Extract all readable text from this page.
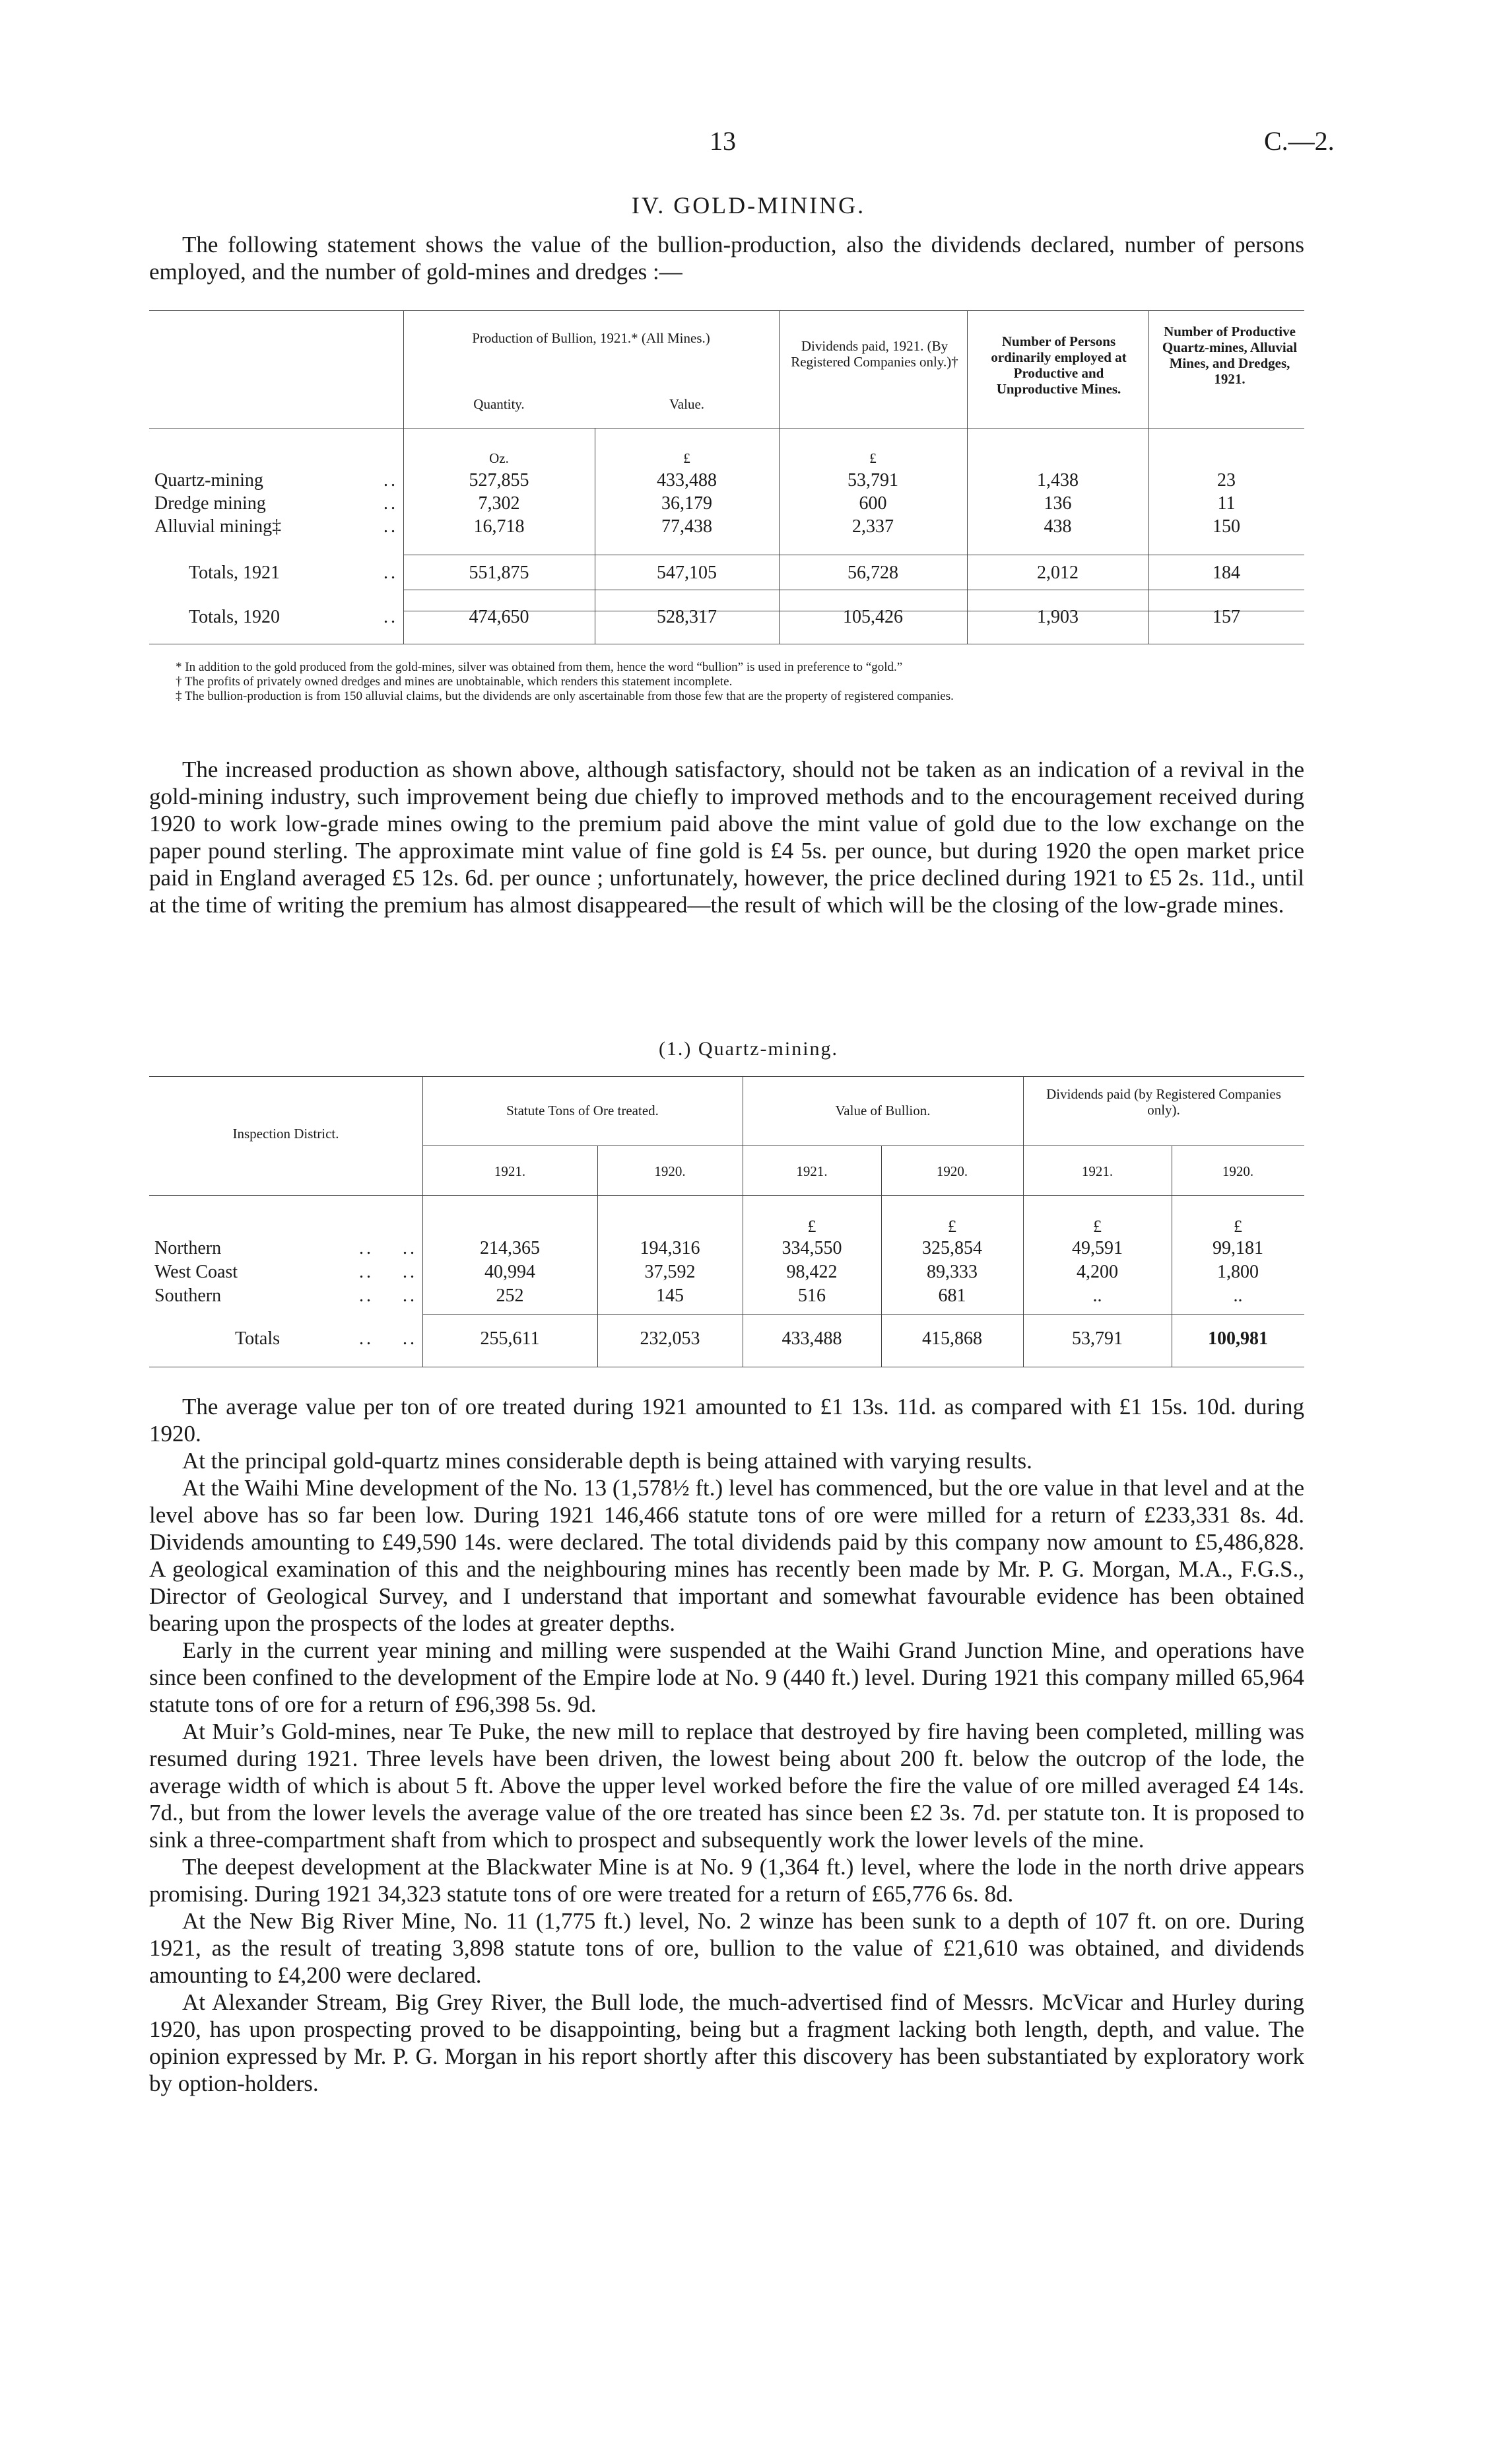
13	C.—2.
IV. GOLD-MINING.
The following statement shows the value of the bullion-production, also the dividends declared, number of persons employed, and the number of gold-mines and dredges :—
Production of Bullion, 1921.* (All Mines.)
Quantity.	Value.
Dividends paid, 1921. (By Registered Companies only.)†
Number of Persons ordinarily employed at Productive and Unproductive Mines.
Number of Productive Quartz-mines, Alluvial Mines, and Dredges, 1921.
Oz.	£	£
Quartz-mining ..	527,855	433,488	53,791	1,438	23
Dredge mining ..	7,302	36,179	600	136	11
Alluvial mining‡ ..	16,718	77,438	2,337	438	150
Totals, 1921	..	551,875	547,105	56,728	2,012	184
Totals, 1920	..	474,650	528,317	105,426	1,903	157
* In addition to the gold produced from the gold-mines, silver was obtained from them, hence the word “bullion” is used in preference to “gold.”
† The profits of privately owned dredges and mines are unobtainable, which renders this statement incomplete.
‡ The bullion-production is from 150 alluvial claims, but the dividends are only ascertainable from those few that are the property of registered companies.
The increased production as shown above, although satisfactory, should not be taken as an indication of a revival in the gold-mining industry, such improvement being due chiefly to improved methods and to the encouragement received during 1920 to work low-grade mines owing to the premium paid above the mint value of gold due to the low exchange on the paper pound sterling. The approximate mint value of fine gold is £4 5s. per ounce, but during 1920 the open market price paid in England averaged £5 12s. 6d. per ounce ; unfortunately, however, the price declined during 1921 to £5 2s. 11d., until at the time of writing the premium has almost disappeared—the result of which will be the closing of the low-grade mines.
(1.) Quartz-mining.
Inspection District.
Statute Tons of Ore treated.	Value of Bullion.
Dividends paid (by Registered Companies only).
1921.	1920.	1921.	1920.	1921.	1920.
£	£	£	£
Northern ..    ..	214,365	194,316	334,550	325,854	49,591	99,181
West Coast ..    ..	40,994	37,592	98,422	89,333	4,200	1,800
Southern ..    ..	252	145	516	681	..	..
Totals	..    ..	255,611	232,053	433,488	415,868	53,791	100,981
The average value per ton of ore treated during 1921 amounted to £1 13s. 11d. as compared with £1 15s. 10d. during 1920.
At the principal gold-quartz mines considerable depth is being attained with varying results.
At the Waihi Mine development of the No. 13 (1,578½ ft.) level has commenced, but the ore value in that level and at the level above has so far been low. During 1921 146,466 statute tons of ore were milled for a return of £233,331 8s. 4d. Dividends amounting to £49,590 14s. were declared. The total dividends paid by this company now amount to £5,486,828. A geological examination of this and the neighbouring mines has recently been made by Mr. P. G. Morgan, M.A., F.G.S., Director of Geological Survey, and I understand that important and somewhat favourable evidence has been obtained bearing upon the prospects of the lodes at greater depths.
Early in the current year mining and milling were suspended at the Waihi Grand Junction Mine, and operations have since been confined to the development of the Empire lode at No. 9 (440 ft.) level. During 1921 this company milled 65,964 statute tons of ore for a return of £96,398 5s. 9d.
At Muir’s Gold-mines, near Te Puke, the new mill to replace that destroyed by fire having been completed, milling was resumed during 1921. Three levels have been driven, the lowest being about 200 ft. below the outcrop of the lode, the average width of which is about 5 ft. Above the upper level worked before the fire the value of ore milled averaged £4 14s. 7d., but from the lower levels the average value of the ore treated has since been £2 3s. 7d. per statute ton. It is proposed to sink a three-compartment shaft from which to prospect and subsequently work the lower levels of the mine.
The deepest development at the Blackwater Mine is at No. 9 (1,364 ft.) level, where the lode in the north drive appears promising. During 1921 34,323 statute tons of ore were treated for a return of £65,776 6s. 8d.
At the New Big River Mine, No. 11 (1,775 ft.) level, No. 2 winze has been sunk to a depth of 107 ft. on ore. During 1921, as the result of treating 3,898 statute tons of ore, bullion to the value of £21,610 was obtained, and dividends amounting to £4,200 were declared.
At Alexander Stream, Big Grey River, the Bull lode, the much-advertised find of Messrs. McVicar and Hurley during 1920, has upon prospecting proved to be disappointing, being but a fragment lacking both length, depth, and value. The opinion expressed by Mr. P. G. Morgan in his report shortly after this discovery has been substantiated by exploratory work by option-holders.
